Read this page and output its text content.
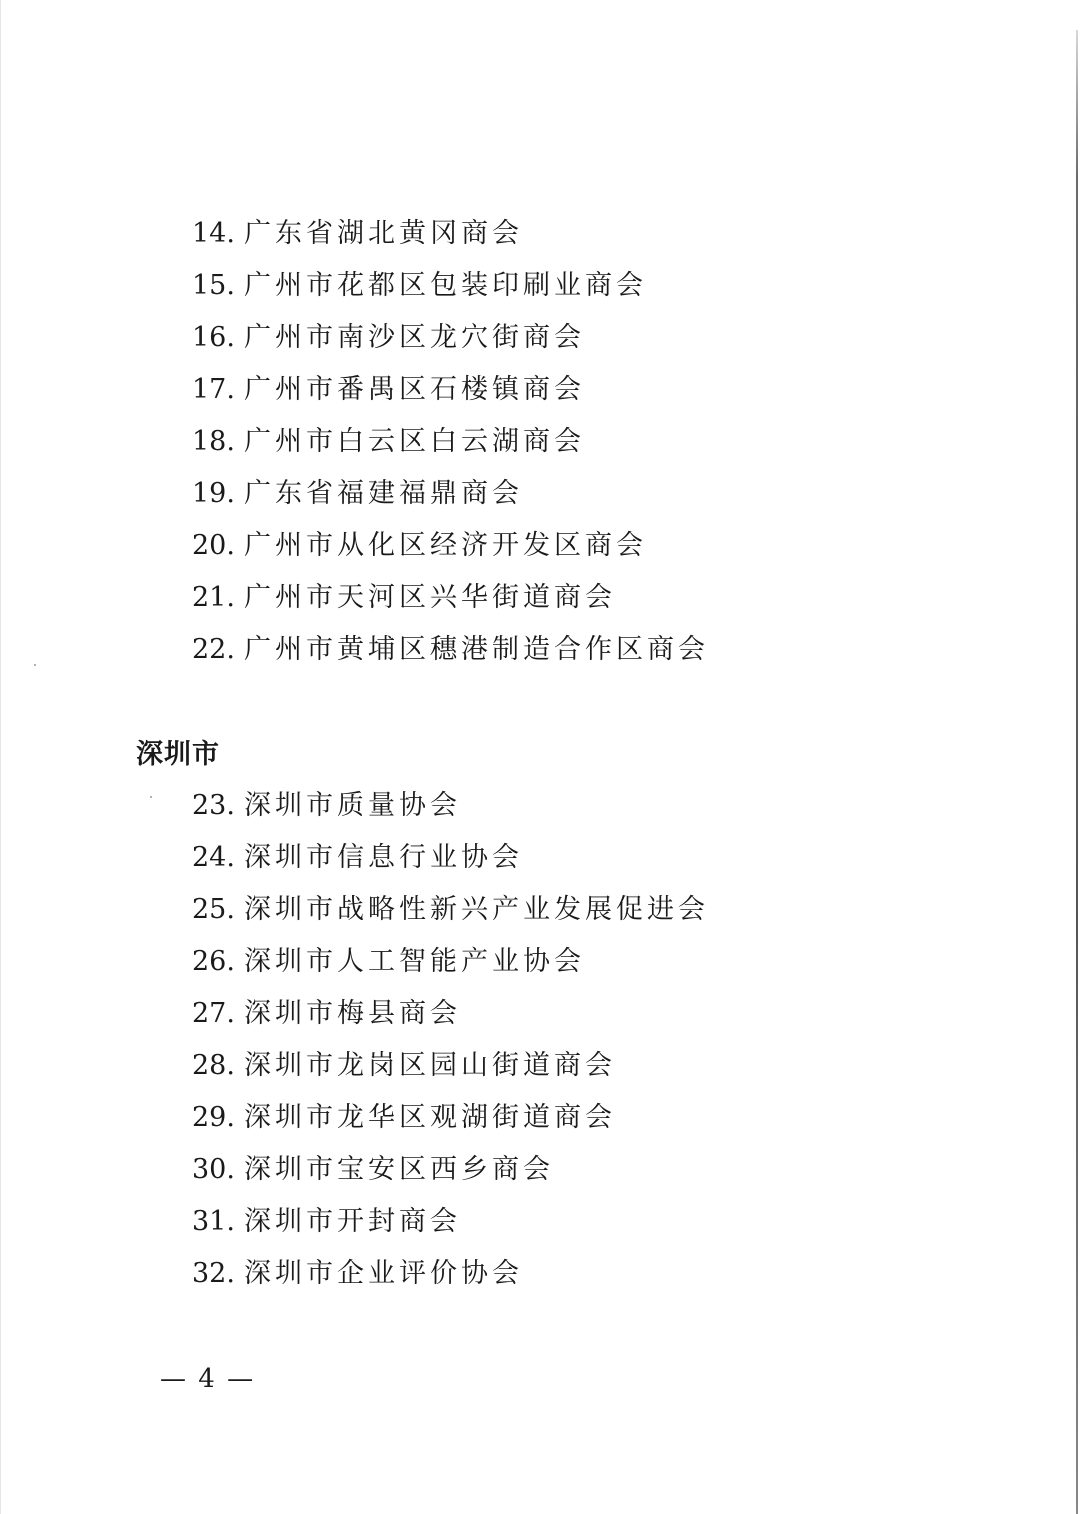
14. 广东省湖北黄冈商会
15. 广州市花都区包装印刷业商会
16. 广州市南沙区龙穴街商会
17. 广州市番禺区石楼镇商会
18. 广州市白云区白云湖商会
19. 广东省福建福鼎商会
20. 广州市从化区经济开发区商会
21. 广州市天河区兴华街道商会
22. 广州市黄埔区穗港制造合作区商会
深圳市
23. 深圳市质量协会
24. 深圳市信息行业协会
25. 深圳市战略性新兴产业发展促进会
26. 深圳市人工智能产业协会
27. 深圳市梅县商会
28. 深圳市龙岗区园山街道商会
29. 深圳市龙华区观湖街道商会
30. 深圳市宝安区西乡商会
31. 深圳市开封商会
32. 深圳市企业评价协会
— 4 —
